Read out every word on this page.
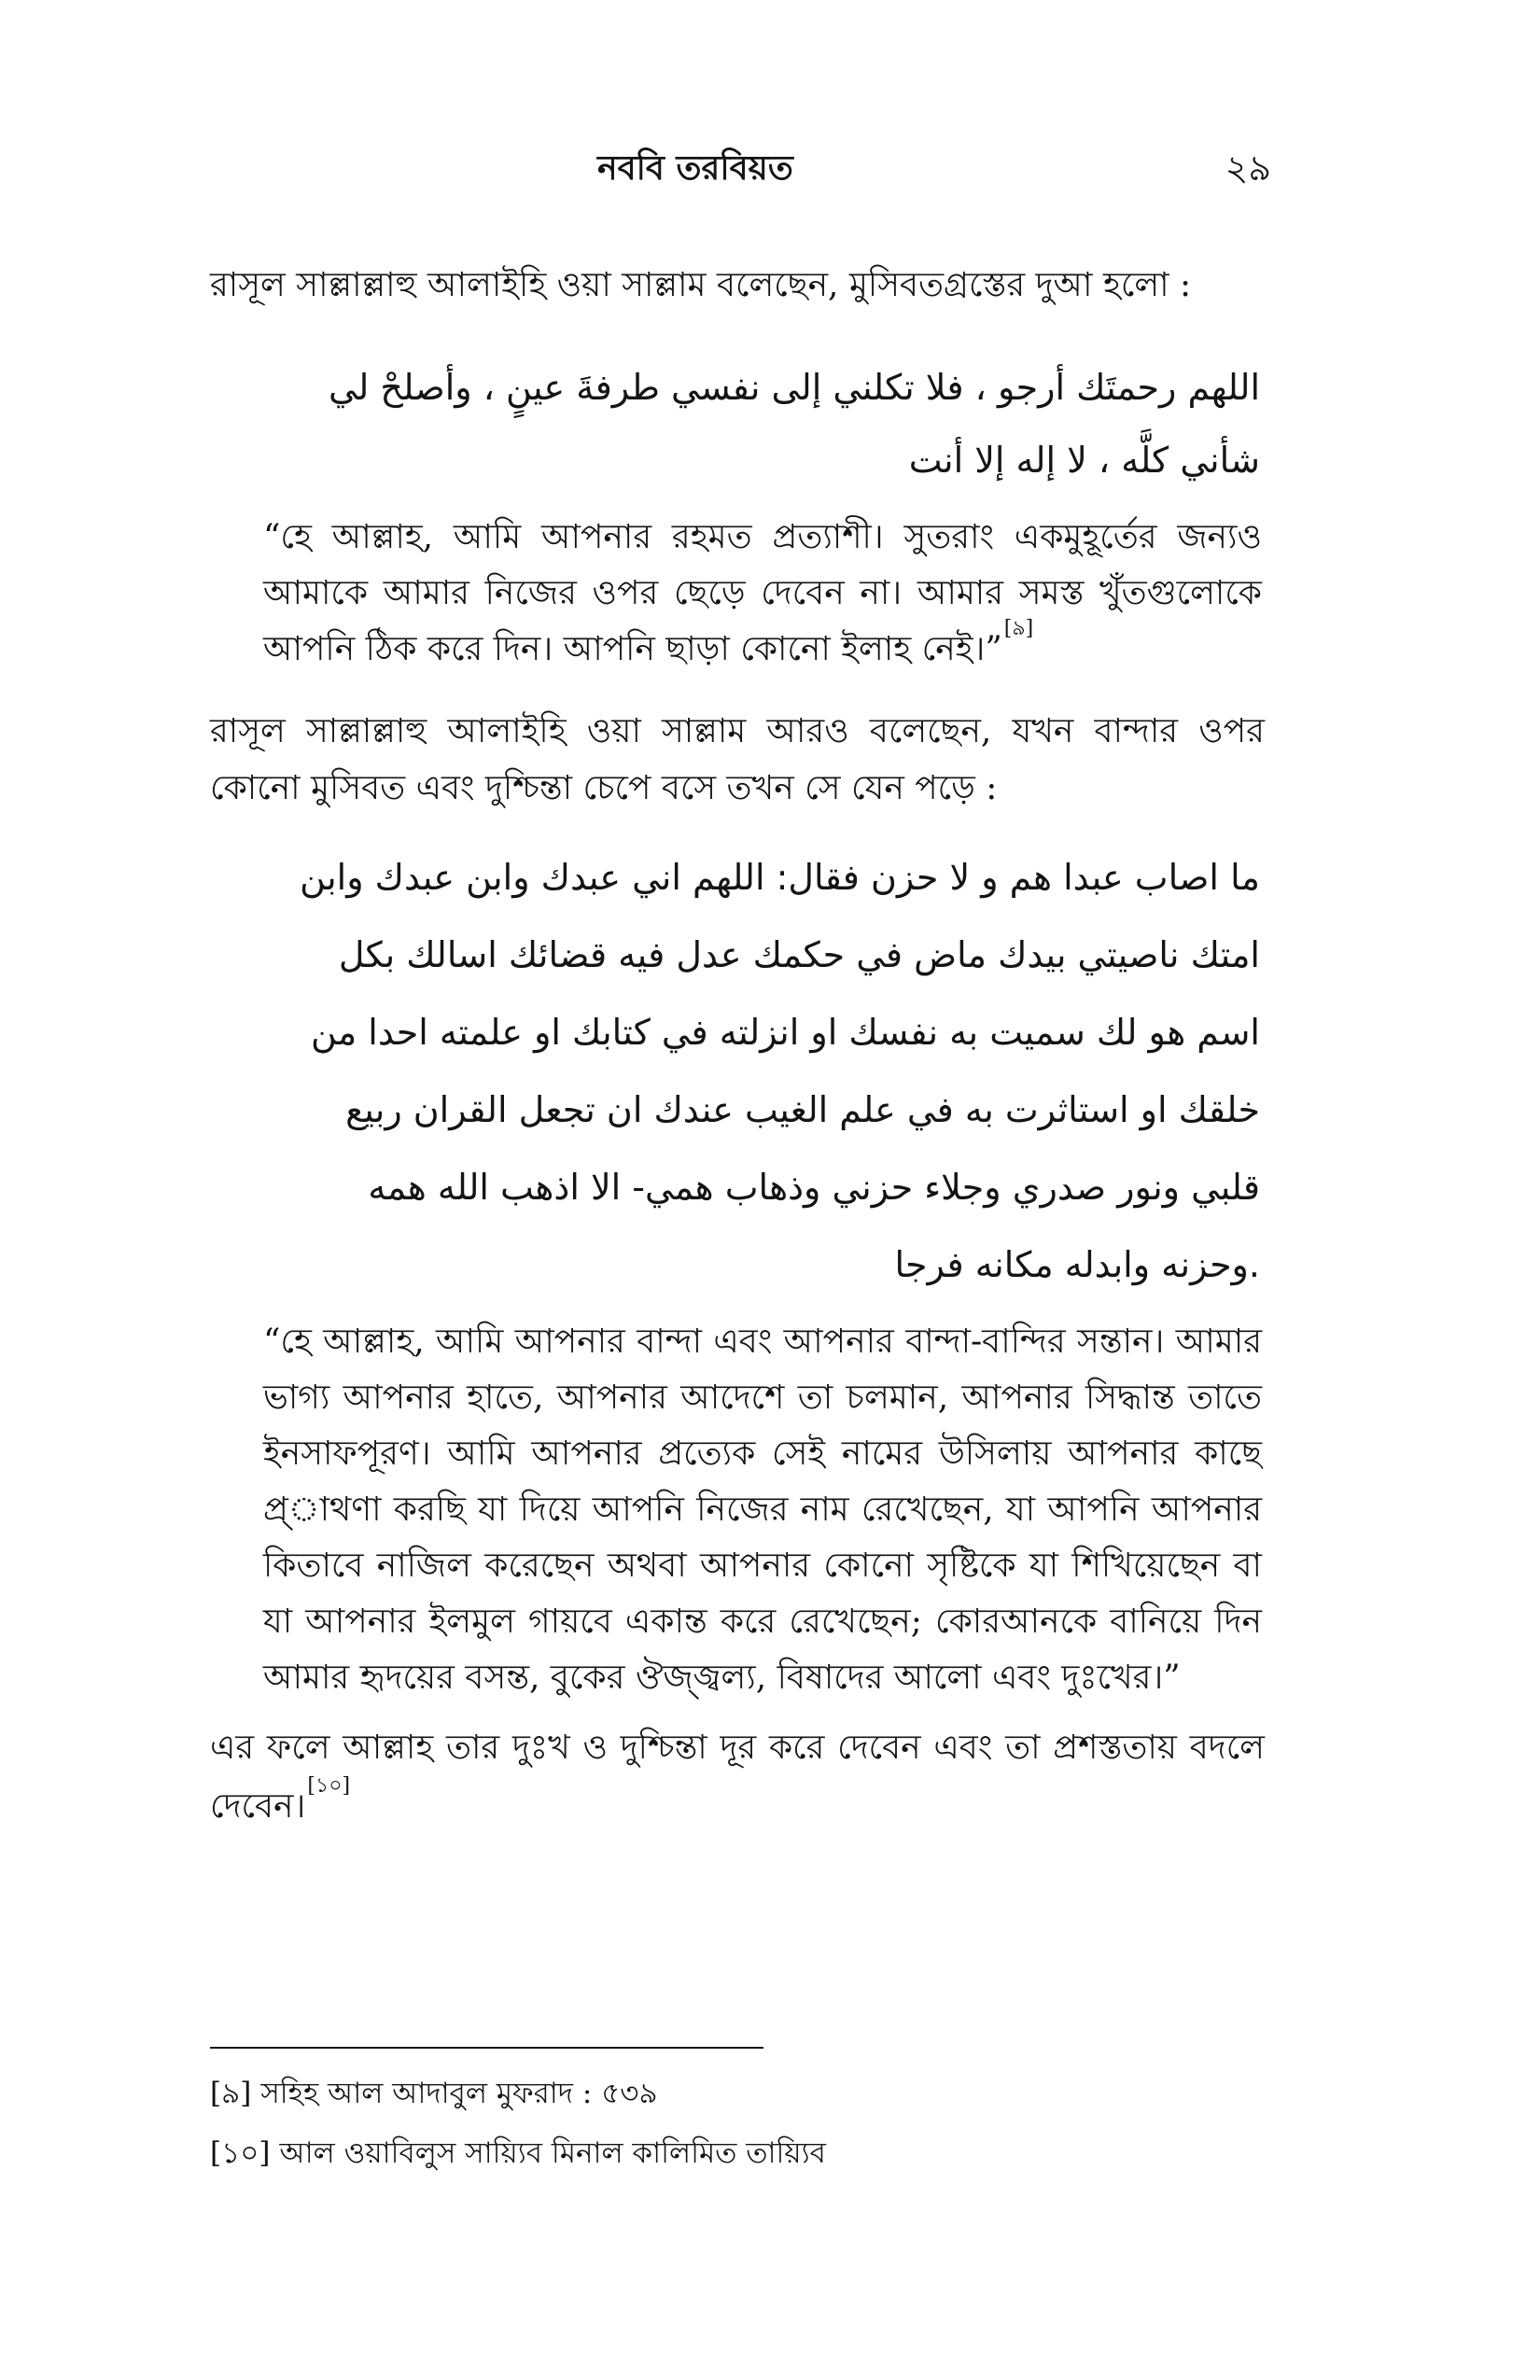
নববি তরবিয়ত	২৯

রাসূল সাল্লাল্লাহু আলাইহি ওয়া সাল্লাম বলেছেন, মুসিবতগ্রস্তের দুআ হলো :

اللهم رحمتَك أرجو ، فلا تكلني إلى نفسي طرفةَ عينٍ ، وأصلحْ لي
شأني كلَّه ، لا إله إلا أنت

“হে আল্লাহ, আমি আপনার রহমত প্রত্যাশী। সুতরাং একমুহূর্তের জন্যও আমাকে আমার নিজের ওপর ছেড়ে দেবেন না। আমার সমস্ত খুঁতগুলোকে আপনি ঠিক করে দিন। আপনি ছাড়া কোনো ইলাহ নেই।”[৯]

রাসূল সাল্লাল্লাহু আলাইহি ওয়া সাল্লাম আরও বলেছেন, যখন বান্দার ওপর কোনো মুসিবত এবং দুশ্চিন্তা চেপে বসে তখন সে যেন পড়ে :

ما اصاب عبدا هم و لا حزن فقال: اللهم اني عبدك وابن عبدك وابن
امتك ناصيتي بيدك ماض في حكمك عدل فيه قضائك اسالك بكل
اسم هو لك سميت به نفسك او انزلته في كتابك او علمته احدا من
خلقك او استاثرت به في علم الغيب عندك ان تجعل القران ربيع
قلبي ونور صدري وجلاء حزني وذهاب همي- الا اذهب الله همه
.وحزنه وابدله مكانه فرجا

“হে আল্লাহ, আমি আপনার বান্দা এবং আপনার বান্দা-বান্দির সন্তান। আমার ভাগ্য আপনার হাতে, আপনার আদেশে তা চলমান, আপনার সিদ্ধান্ত তাতে ইনসাফপূরণ। আমি আপনার প্রত্যেক সেই নামের উসিলায় আপনার কাছে প্র্াথণা করছি যা দিয়ে আপনি নিজের নাম রেখেছেন, যা আপনি আপনার কিতাবে নাজিল করেছেন অথবা আপনার কোনো সৃষ্টিকে যা শিখিয়েছেন বা যা আপনার ইলমুল গায়বে একান্ত করে রেখেছেন; কোরআনকে বানিয়ে দিন আমার হৃদয়ের বসন্ত, বুকের ঔজ্জ্বল্য, বিষাদের আলো এবং দুঃখের।”

এর ফলে আল্লাহ তার দুঃখ ও দুশ্চিন্তা দূর করে দেবেন এবং তা প্রশস্ততায় বদলে দেবেন।[১০]

[৯] সহিহ আল আদাবুল মুফরাদ : ৫৩৯
[১০] আল ওয়াবিলুস সায়্যিব মিনাল কালিমিত তায়্যিব
